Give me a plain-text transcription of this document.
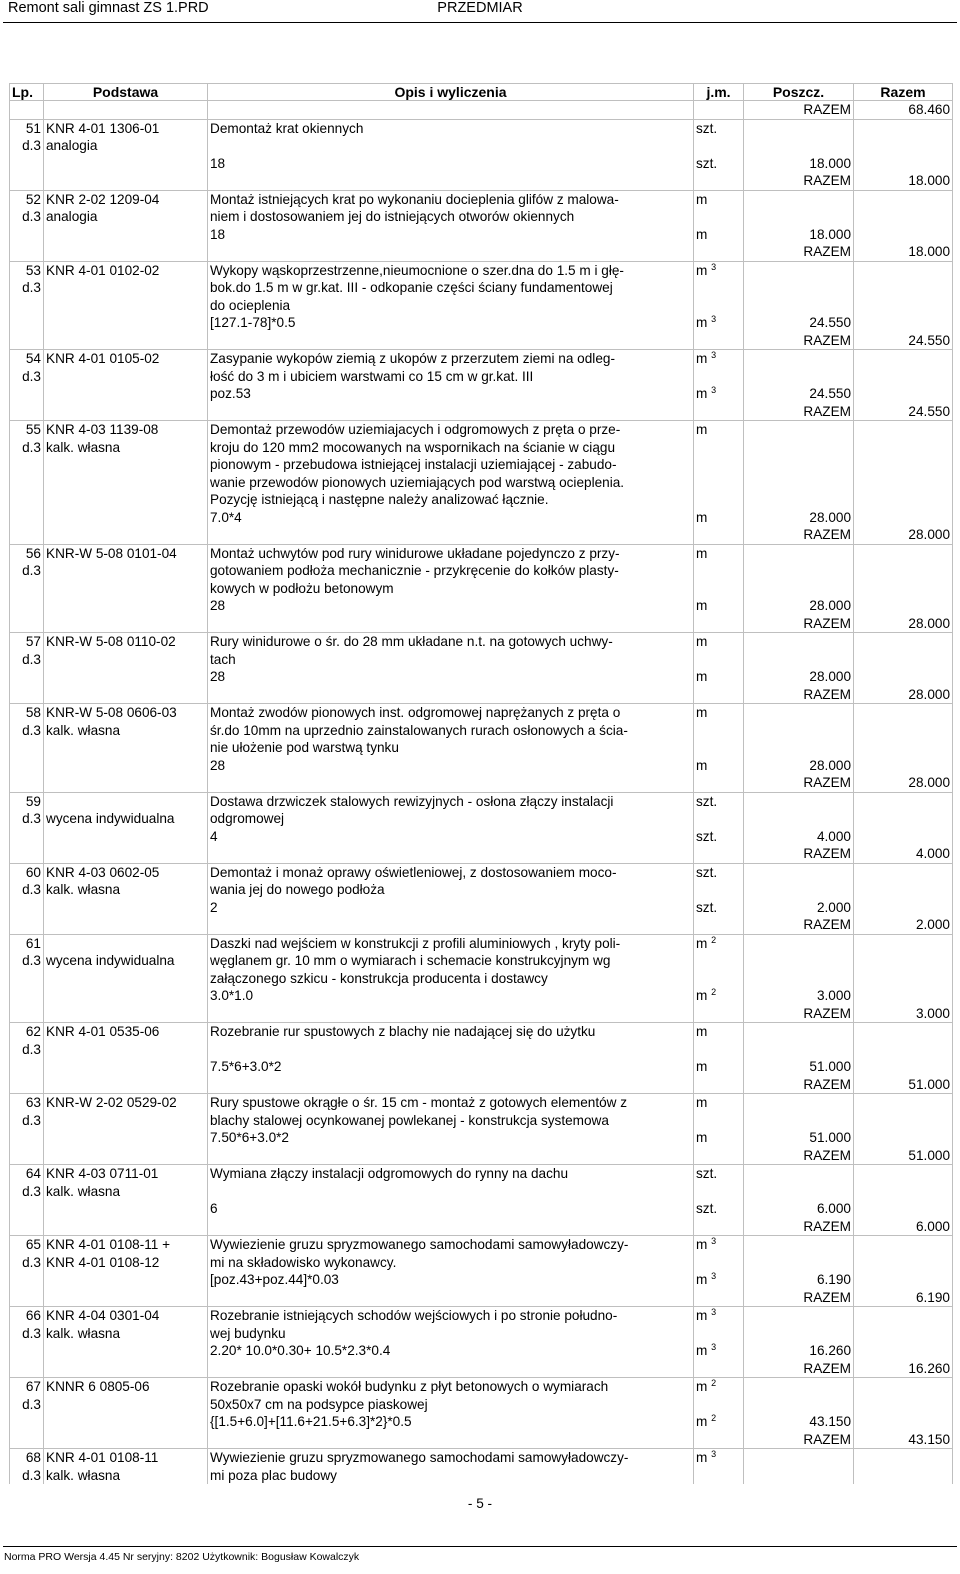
Remont sali gimnast ZS 1.PRD	PRZEDMIAR
Lp.	Podstawa	Opis i wyliczenia	j.m.	Poszcz.	Razem
				RAZEM	68.460
51	KNR 4-01 1306-01	Demontaż krat okiennych	szt.		
d.3	analogia				
		18	szt.	18.000	
				RAZEM	18.000
52	KNR 2-02 1209-04	Montaż istniejących krat po wykonaniu docieplenia glifów z malowa-	m		
d.3	analogia	niem i dostosowaniem jej do istniejących otworów okiennych			
		18	m	18.000	
				RAZEM	18.000
53	KNR 4-01 0102-02	Wykopy wąskoprzestrzenne,nieumocnione o szer.dna do 1.5 m i głę-	m $^3$		
d.3		bok.do 1.5 m w gr.kat. III - odkopanie części ściany fundamentowej			
		do ocieplenia			
		[127.1-78]*0.5	m $^3$	24.550	
				RAZEM	24.550
54	KNR 4-01 0105-02	Zasypanie wykopów ziemią z ukopów z przerzutem ziemi na odleg-	m $^3$		
d.3		łość do 3 m i ubiciem warstwami co 15 cm w gr.kat. III			
		poz.53	m $^3$	24.550	
				RAZEM	24.550
55	KNR 4-03 1139-08	Demontaż przewodów uziemiajacych i odgromowych z pręta o prze-	m		
d.3	kalk. własna	kroju do 120 mm2 mocowanych na wspornikach na ścianie w ciągu			
		pionowym - przebudowa istniejącej instalacji uziemiającej - zabudo-			
		wanie przewodów pionowych uziemiających pod warstwą ocieplenia.			
		Pozycję istniejącą i następne należy analizować łącznie.			
		7.0*4	m	28.000	
				RAZEM	28.000
56	KNR-W 5-08 0101-04	Montaż uchwytów pod rury winidurowe układane pojedynczo z przy-	m		
d.3		gotowaniem podłoża mechanicznie - przykręcenie do kołków plasty-			
		kowych w podłożu betonowym			
		28	m	28.000	
				RAZEM	28.000
57	KNR-W 5-08 0110-02	Rury winidurowe o śr. do 28 mm układane n.t. na gotowych uchwy-	m		
d.3		tach			
		28	m	28.000	
				RAZEM	28.000
58	KNR-W 5-08 0606-03	Montaż zwodów pionowych inst. odgromowej naprężanych z pręta o	m		
d.3	kalk. własna	śr.do 10mm na uprzednio zainstalowanych rurach osłonowych a ścia-			
		nie ułożenie pod warstwą tynku			
		28	m	28.000	
				RAZEM	28.000
59		Dostawa drzwiczek stalowych rewizyjnych - osłona złączy instalacji	szt.		
d.3	wycena indywidualna	odgromowej			
		4	szt.	4.000	
				RAZEM	4.000
60	KNR 4-03 0602-05	Demontaż i monaż oprawy oświetleniowej, z dostosowaniem moco-	szt.		
d.3	kalk. własna	wania jej do nowego podłoża			
		2	szt.	2.000	
				RAZEM	2.000
61		Daszki nad wejściem w konstrukcji z profili aluminiowych , kryty poli-	m $^2$		
d.3	wycena indywidualna	węglanem gr. 10 mm o wymiarach i schemacie konstrukcyjnym wg			
		załączonego szkicu - konstrukcja producenta i dostawcy			
		3.0*1.0	m $^2$	3.000	
				RAZEM	3.000
62	KNR 4-01 0535-06	Rozebranie rur spustowych z blachy nie nadającej się do użytku	m		
d.3					
		7.5*6+3.0*2	m	51.000	
				RAZEM	51.000
63	KNR-W 2-02 0529-02	Rury spustowe okrągłe o śr. 15 cm - montaż z gotowych elementów z	m		
d.3		blachy stalowej ocynkowanej powlekanej - konstrukcja systemowa			
		7.50*6+3.0*2	m	51.000	
				RAZEM	51.000
64	KNR 4-03 0711-01	Wymiana złączy instalacji odgromowych do rynny na dachu	szt.		
d.3	kalk. własna				
		6	szt.	6.000	
				RAZEM	6.000
65	KNR 4-01 0108-11 +	Wywiezienie gruzu spryzmowanego samochodami samowyładowczy-	m $^3$		
d.3	KNR 4-01 0108-12	mi na składowisko wykonawcy.			
		[poz.43+poz.44]*0.03	m $^3$	6.190	
				RAZEM	6.190
66	KNR 4-04 0301-04	Rozebranie istniejących schodów wejściowych i po stronie połudno-	m $^3$		
d.3	kalk. własna	wej budynku			
		2.20* 10.0*0.30+ 10.5*2.3*0.4	m $^3$	16.260	
				RAZEM	16.260
67	KNNR 6 0805-06	Rozebranie opaski wokół budynku z płyt betonowych o wymiarach	m $^2$		
d.3		50x50x7 cm na podsypce piaskowej			
		{[1.5+6.0]+[11.6+21.5+6.3]*2}*0.5	m $^2$	43.150	
				RAZEM	43.150
68	KNR 4-01 0108-11	Wywiezienie gruzu spryzmowanego samochodami samowyładowczy-	m $^3$		
d.3	kalk. własna	mi poza plac budowy			
- 5 -
Norma PRO Wersja 4.45 Nr seryjny: 8202 Użytkownik: Bogusław Kowalczyk
